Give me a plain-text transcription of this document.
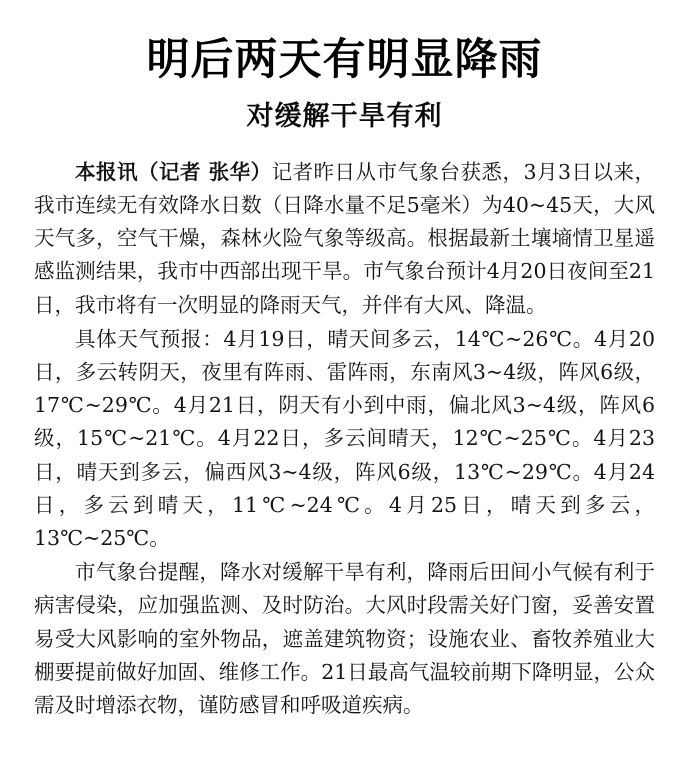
明后两天有明显降雨
对缓解干旱有利

本报讯（记者 张华）记者昨日从市气象台获悉，3月3日以来，我市连续无有效降水日数（日降水量不足5毫米）为40~45天，大风天气多，空气干燥，森林火险气象等级高。根据最新土壤墒情卫星遥感监测结果，我市中西部出现干旱。市气象台预计4月20日夜间至21日，我市将有一次明显的降雨天气，并伴有大风、降温。

具体天气预报：4月19日，晴天间多云，14℃~26℃。4月20日，多云转阴天，夜里有阵雨、雷阵雨，东南风3~4级，阵风6级，17℃~29℃。4月21日，阴天有小到中雨，偏北风3~4级，阵风6级，15℃~21℃。4月22日，多云间晴天，12℃~25℃。4月23日，晴天到多云，偏西风3~4级，阵风6级，13℃~29℃。4月24日，多云到晴天，11℃~24℃。4月25日，晴天到多云，13℃~25℃。

市气象台提醒，降水对缓解干旱有利，降雨后田间小气候有利于病害侵染，应加强监测、及时防治。大风时段需关好门窗，妥善安置易受大风影响的室外物品，遮盖建筑物资；设施农业、畜牧养殖业大棚要提前做好加固、维修工作。21日最高气温较前期下降明显，公众需及时增添衣物，谨防感冒和呼吸道疾病。
